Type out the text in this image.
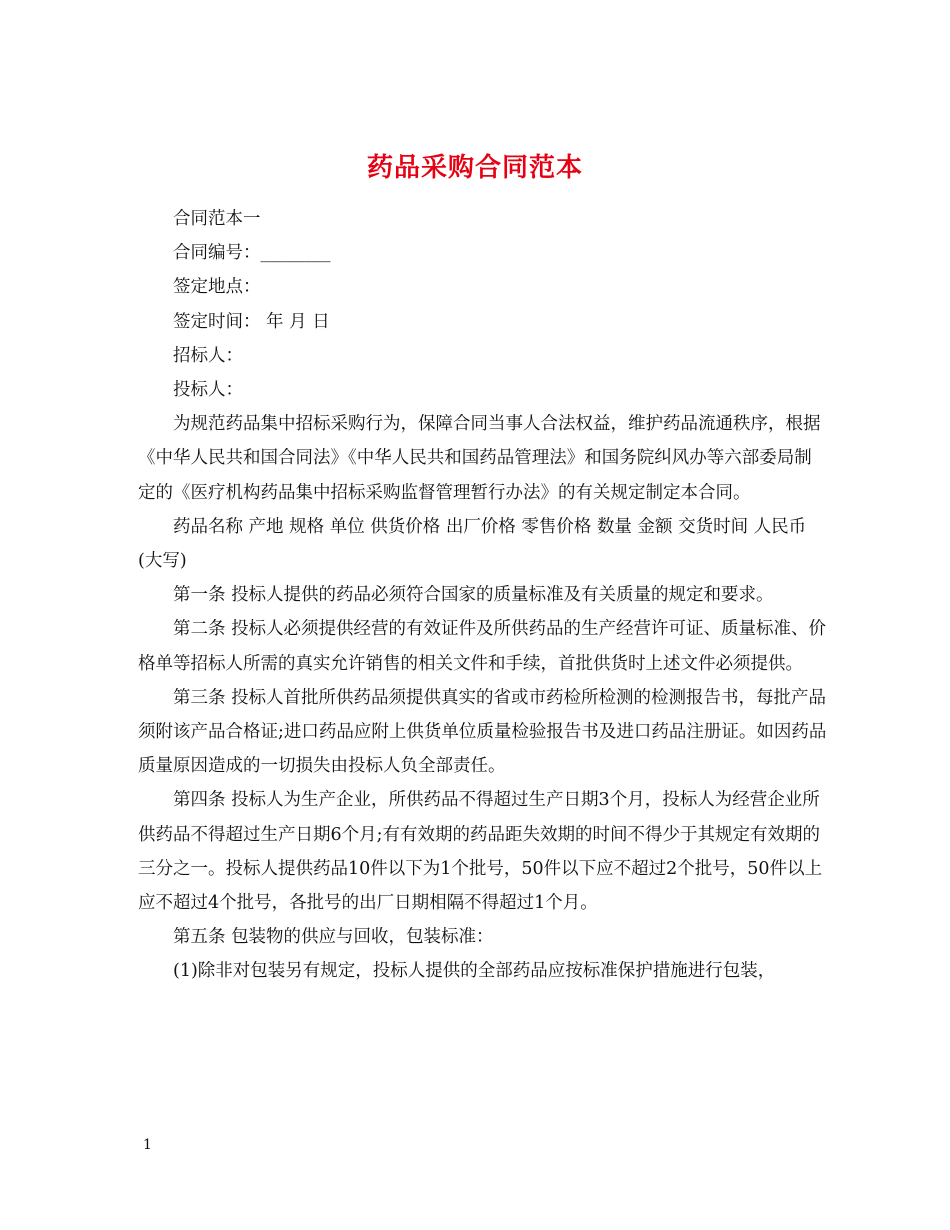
药品采购合同范本

合同范本一

合同编号：________

签定地点：

签定时间： 年 月 日

招标人：

投标人：

为规范药品集中招标采购行为，保障合同当事人合法权益，维护药品流通秩序，根据《中华人民共和国合同法》《中华人民共和国药品管理法》和国务院纠风办等六部委局制定的《医疗机构药品集中招标采购监督管理暂行办法》的有关规定制定本合同。

药品名称 产地 规格 单位 供货价格 出厂价格 零售价格 数量 金额 交货时间 人民币(大写)

第一条 投标人提供的药品必须符合国家的质量标准及有关质量的规定和要求。

第二条 投标人必须提供经营的有效证件及所供药品的生产经营许可证、质量标准、价格单等招标人所需的真实允许销售的相关文件和手续，首批供货时上述文件必须提供。

第三条 投标人首批所供药品须提供真实的省或市药检所检测的检测报告书，每批产品须附该产品合格证;进口药品应附上供货单位质量检验报告书及进口药品注册证。如因药品质量原因造成的一切损失由投标人负全部责任。

第四条 投标人为生产企业，所供药品不得超过生产日期3个月，投标人为经营企业所供药品不得超过生产日期6个月;有有效期的药品距失效期的时间不得少于其规定有效期的三分之一。投标人提供药品10件以下为1个批号，50件以下应不超过2个批号，50件以上应不超过4个批号，各批号的出厂日期相隔不得超过1个月。

第五条 包装物的供应与回收，包装标准：

(1)除非对包装另有规定，投标人提供的全部药品应按标准保护措施进行包装，

1
